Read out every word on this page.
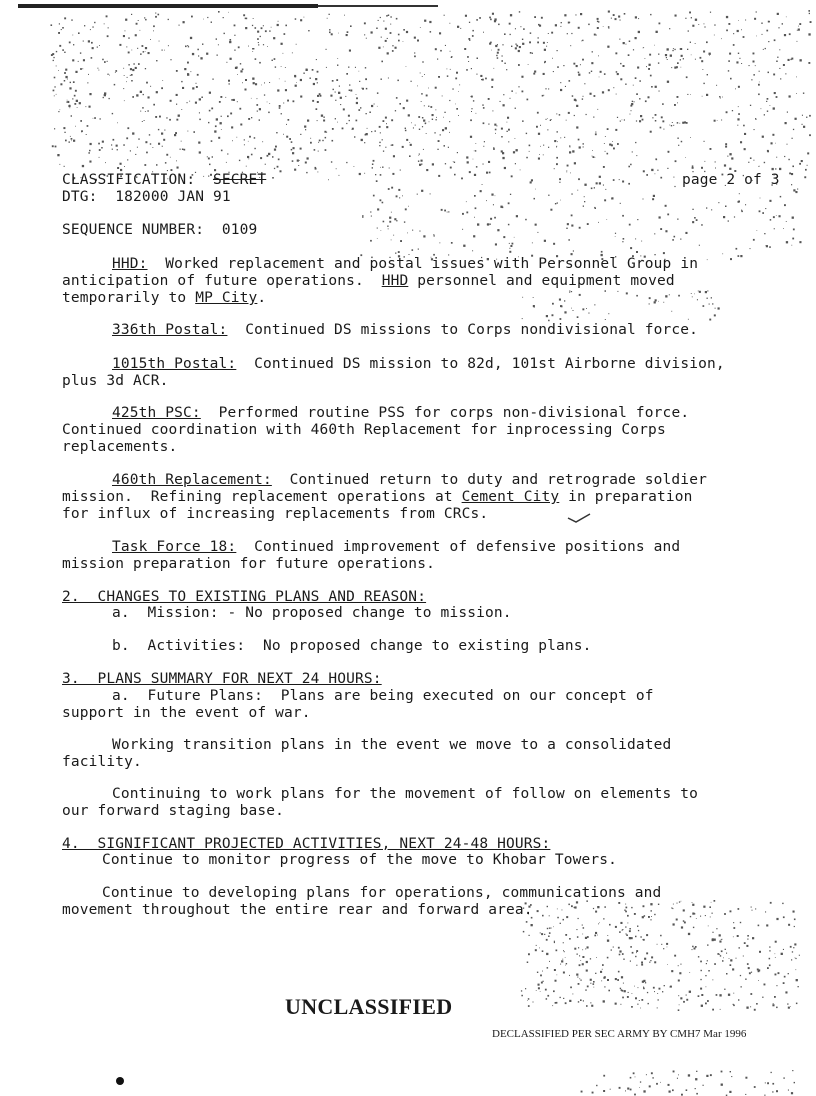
CLASSIFICATION: SECRET	page 2 of 3
DTG: 182000 JAN 91
SEQUENCE NUMBER: 0109
HHD:  Worked replacement and postal issues with Personnel Group in
anticipation of future operations. HHD personnel and equipment moved
temporarily to MP City.
336th Postal:  Continued DS missions to Corps nondivisional force.
1015th Postal:  Continued DS mission to 82d, 101st Airborne division,
plus 3d ACR.
425th PSC:  Performed routine PSS for corps non-divisional force.
Continued coordination with 460th Replacement for inprocessing Corps
replacements.
460th Replacement:  Continued return to duty and retrograde soldier
mission.  Refining replacement operations at Cement City in preparation
for influx of increasing replacements from CRCs.
Task Force 18:  Continued improvement of defensive positions and
mission preparation for future operations.
2.  CHANGES TO EXISTING PLANS AND REASON:
a. Mission: - No proposed change to mission.
b. Activities:  No proposed change to existing plans.
3.  PLANS SUMMARY FOR NEXT 24 HOURS:
a.  Future Plans:  Plans are being executed on our concept of
support in the event of war.
Working transition plans in the event we move to a consolidated
facility.
Continuing to work plans for the movement of follow on elements to
our forward staging base.
4.  SIGNIFICANT PROJECTED ACTIVITIES, NEXT 24-48 HOURS:
Continue to monitor progress of the move to Khobar Towers.
Continue to developing plans for operations, communications and
movement throughout the entire rear and forward area.
UNCLASSIFIED
DECLASSIFIED PER SEC ARMY BY CMH7 Mar 1996
